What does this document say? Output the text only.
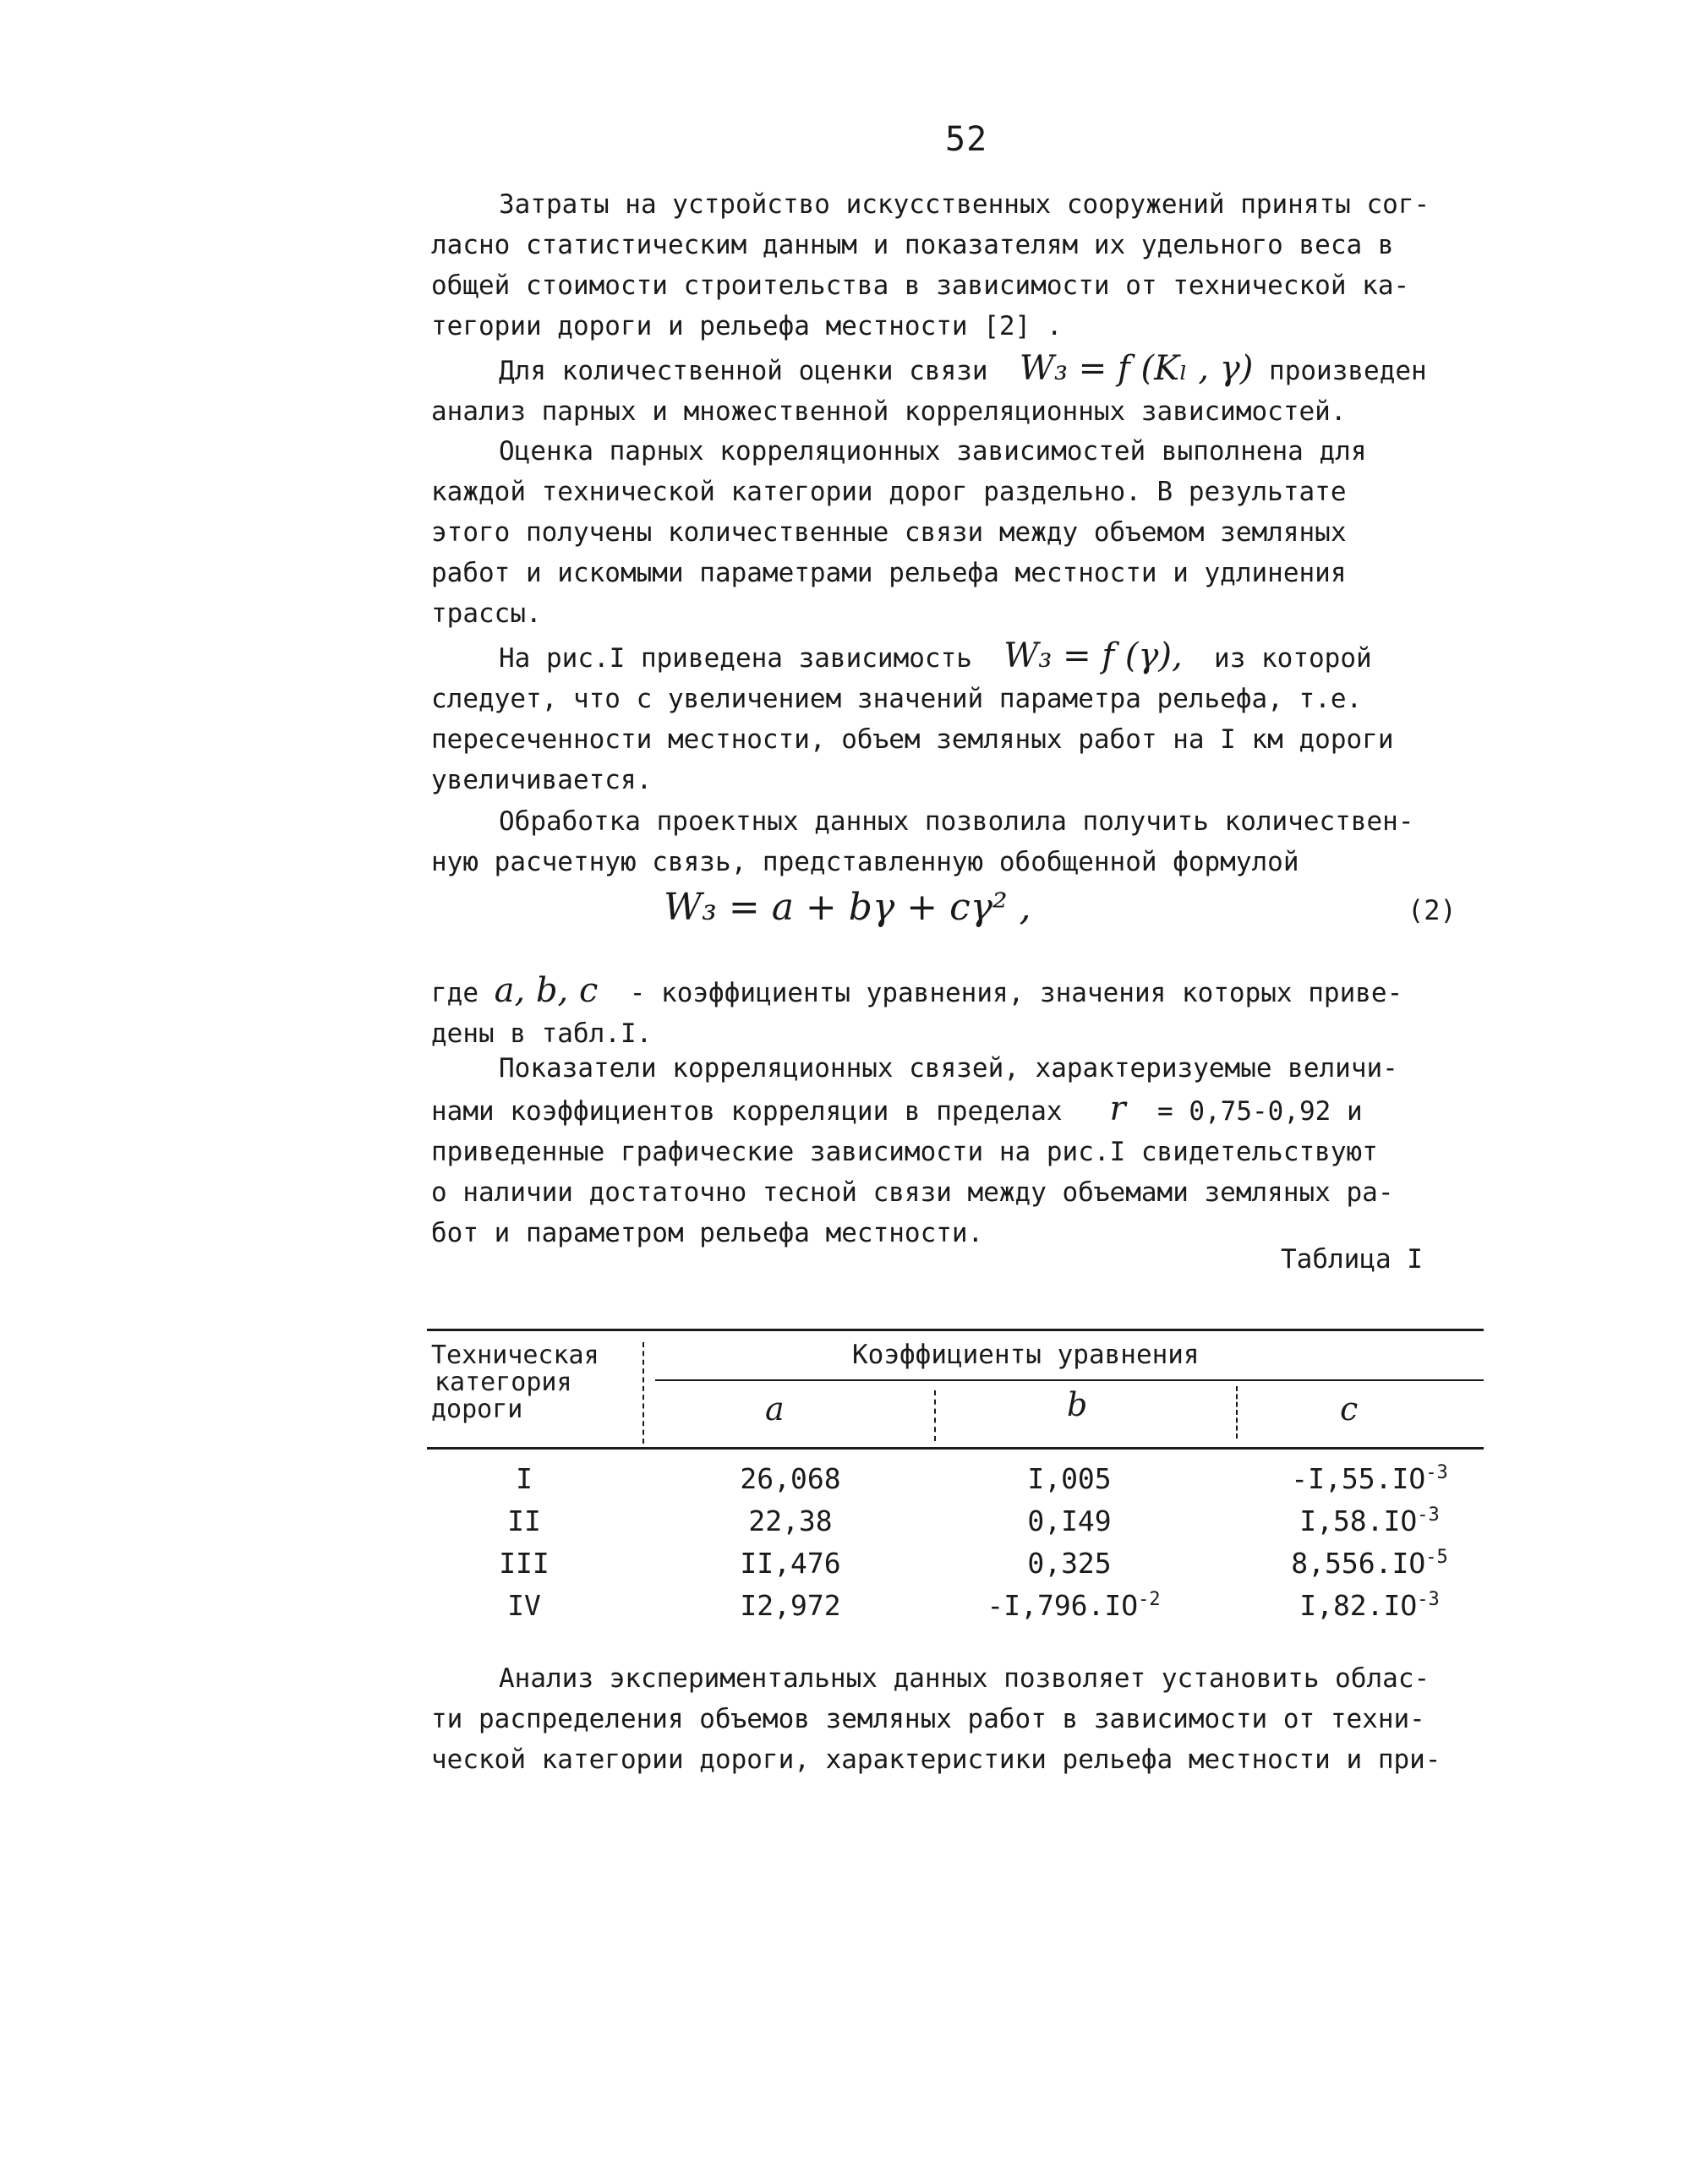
52
Затраты на устройство искусственных сооружений приняты сог-
ласно статистическим данным и показателям их удельного веса в
общей стоимости строительства в зависимости от технической ка-
тегории дороги и рельефа местности [2] .
Для количественной оценки связи W₃ = f (Kₗ , γ) произведен
анализ парных и множественной корреляционных зависимостей.
Оценка парных корреляционных зависимостей выполнена для
каждой технической категории дорог раздельно. В результате
этого получены количественные связи между объемом земляных
работ и искомыми параметрами рельефа местности и удлинения
трассы.
На рис.I приведена зависимость W₃ = f (γ), из которой
следует, что с увеличением значений параметра рельефа, т.е.
пересеченности местности, объем земляных работ на I км дороги
увеличивается.
Обработка проектных данных позволила получить количествен-
ную расчетную связь, представленную обобщенной формулой
W₃ = a + bγ + cγ² ,	(2)
где a, b, c - коэффициенты уравнения, значения которых приве-
дены в табл.I.
Показатели корреляционных связей, характеризуемые величи-
нами коэффициентов корреляции в пределах r = 0,75-0,92 и
приведенные графические зависимости на рис.I свидетельствуют
о наличии достаточно тесной связи между объемами земляных ра-
бот и параметром рельефа местности.
Таблица I
Техническая
категория
дороги
Коэффициенты уравнения
a	b	c
I	26,068	I,005	$-I,55.IO^{-3}$
II	22,38	0,I49	$I,58.IO^{-3}$
III	II,476	0,325	$8,556.IO^{-5}$
IV	I2,972	$-I,796.IO^{-2}$	$I,82.IO^{-3}$
Анализ экспериментальных данных позволяет установить облас-
ти распределения объемов земляных работ в зависимости от техни-
ческой категории дороги, характеристики рельефа местности и при-
